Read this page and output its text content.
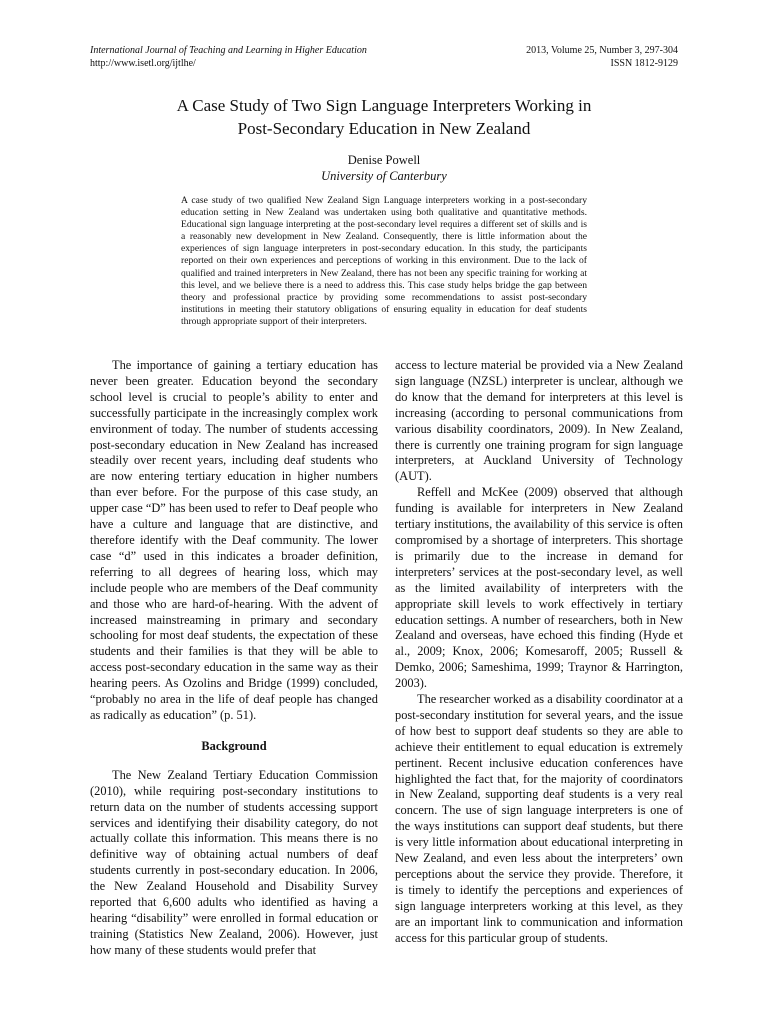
International Journal of Teaching and Learning in Higher Education
http://www.isetl.org/ijtlhe/
2013, Volume 25, Number 3, 297-304
ISSN 1812-9129
A Case Study of Two Sign Language Interpreters Working in
Post-Secondary Education in New Zealand
Denise Powell
University of Canterbury
A case study of two qualified New Zealand Sign Language interpreters working in a post-secondary education setting in New Zealand was undertaken using both qualitative and quantitative methods. Educational sign language interpreting at the post-secondary level requires a different set of skills and is a reasonably new development in New Zealand. Consequently, there is little information about the experiences of sign language interpreters in post-secondary education. In this study, the participants reported on their own experiences and perceptions of working in this environment. Due to the lack of qualified and trained interpreters in New Zealand, there has not been any specific training for working at this level, and we believe there is a need to address this. This case study helps bridge the gap between theory and professional practice by providing some recommendations to assist post-secondary institutions in meeting their statutory obligations of ensuring equality in education for deaf students through appropriate support of their interpreters.

The importance of gaining a tertiary education has never been greater. Education beyond the secondary school level is crucial to people’s ability to enter and successfully participate in the increasingly complex work environment of today. The number of students accessing post-secondary education in New Zealand has increased steadily over recent years, including deaf students who are now entering tertiary education in higher numbers than ever before. For the purpose of this case study, an upper case “D” has been used to refer to Deaf people who have a culture and language that are distinctive, and therefore identify with the Deaf community. The lower case “d” used in this indicates a broader definition, referring to all degrees of hearing loss, which may include people who are members of the Deaf community and those who are hard-of-hearing. With the advent of increased mainstreaming in primary and secondary schooling for most deaf students, the expectation of these students and their families is that they will be able to access post-secondary education in the same way as their hearing peers. As Ozolins and Bridge (1999) concluded, “probably no area in the life of deaf people has changed as radically as education” (p. 51).

Background

The New Zealand Tertiary Education Commission (2010), while requiring post-secondary institutions to return data on the number of students accessing support services and identifying their disability category, do not actually collate this information. This means there is no definitive way of obtaining actual numbers of deaf students currently in post-secondary education. In 2006, the New Zealand Household and Disability Survey reported that 6,600 adults who identified as having a hearing “disability” were enrolled in formal education or training (Statistics New Zealand, 2006). However, just how many of these students would prefer that

access to lecture material be provided via a New Zealand sign language (NZSL) interpreter is unclear, although we do know that the demand for interpreters at this level is increasing (according to personal communications from various disability coordinators, 2009). In New Zealand, there is currently one training program for sign language interpreters, at Auckland University of Technology (AUT).

Reffell and McKee (2009) observed that although funding is available for interpreters in New Zealand tertiary institutions, the availability of this service is often compromised by a shortage of interpreters. This shortage is primarily due to the increase in demand for interpreters’ services at the post-secondary level, as well as the limited availability of interpreters with the appropriate skill levels to work effectively in tertiary education settings. A number of researchers, both in New Zealand and overseas, have echoed this finding (Hyde et al., 2009; Knox, 2006; Komesaroff, 2005; Russell & Demko, 2006; Sameshima, 1999; Traynor & Harrington, 2003).

The researcher worked as a disability coordinator at a post-secondary institution for several years, and the issue of how best to support deaf students so they are able to achieve their entitlement to equal education is extremely pertinent. Recent inclusive education conferences have highlighted the fact that, for the majority of coordinators in New Zealand, supporting deaf students is a very real concern. The use of sign language interpreters is one of the ways institutions can support deaf students, but there is very little information about educational interpreting in New Zealand, and even less about the interpreters’ own perceptions about the service they provide. Therefore, it is timely to identify the perceptions and experiences of sign language interpreters working at this level, as they are an important link to communication and information access for this particular group of students.
